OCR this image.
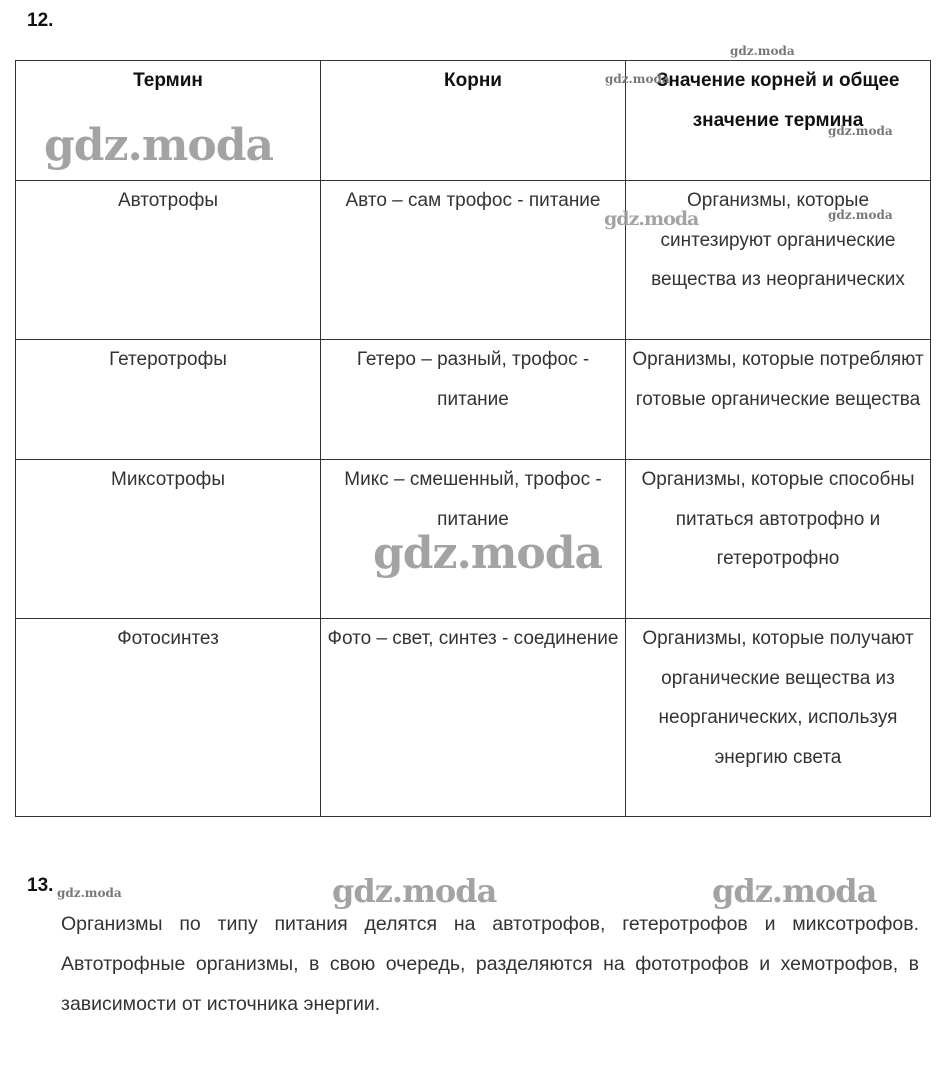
12.
Термин	Корни	Значение корней и общее значение термина
Автотрофы	Авто – сам трофос - питание	Организмы, которые синтезируют органические вещества из неорганических
Гетеротрофы	Гетеро – разный, трофос - питание	Организмы, которые потребляют готовые органические вещества
Миксотрофы	Микс – смешенный, трофос - питание	Организмы, которые способны питаться автотрофно и гетеротрофно
Фотосинтез	Фото – свет, синтез - соединение	Организмы, которые получают органические вещества из неорганических, используя энергию света
13.
Организмы по типу питания делятся на автотрофов, гетеротрофов и миксотрофов. Автотрофные организмы, в свою очередь, разделяются на фототрофов и хемотрофов, в зависимости от источника энергии.
gdz.moda
gdz.moda
gdz.moda
gdz.moda
gdz.moda
gdz.moda
gdz.moda
gdz.moda	gdz.moda	gdz.moda
